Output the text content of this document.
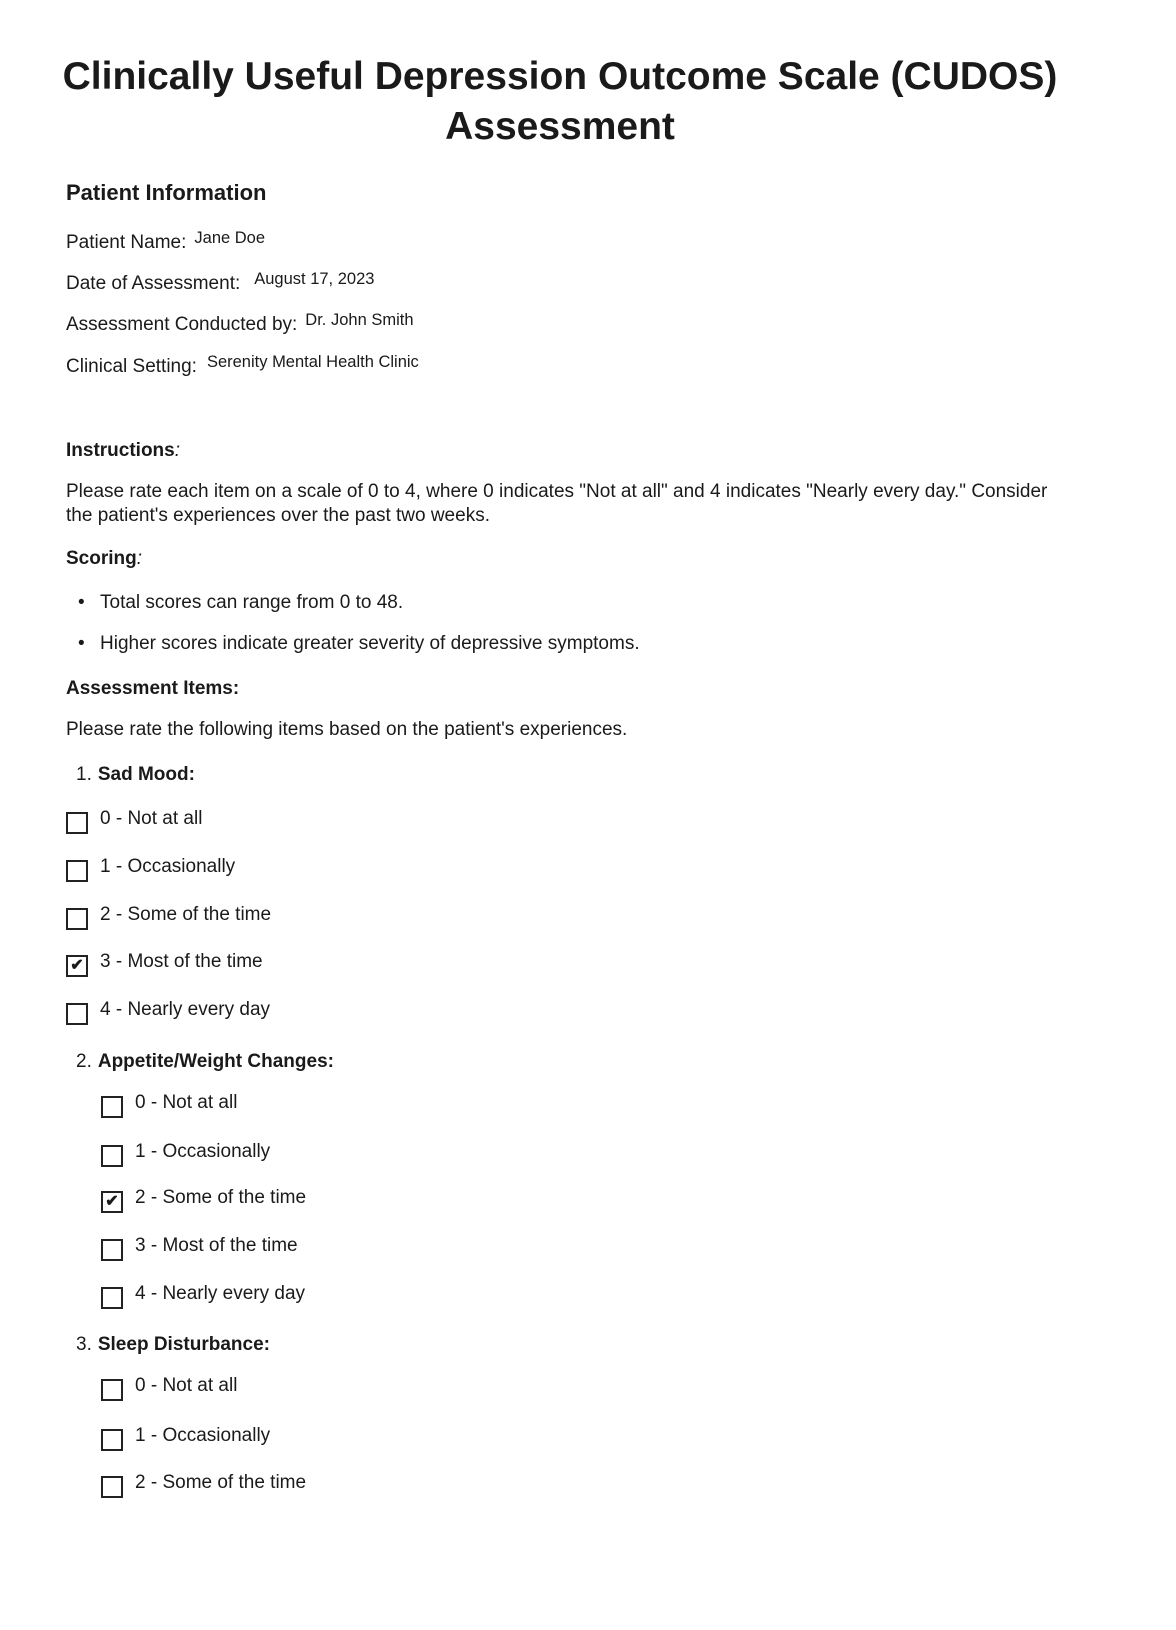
Clinically Useful Depression Outcome Scale (CUDOS) Assessment
Patient Information
Patient Name: Jane Doe
Date of Assessment: August 17, 2023
Assessment Conducted by: Dr. John Smith
Clinical Setting: Serenity Mental Health Clinic
Instructions:
Please rate each item on a scale of 0 to 4, where 0 indicates "Not at all" and 4 indicates "Nearly every day." Consider the patient's experiences over the past two weeks.
Scoring:
• Total scores can range from 0 to 48.
• Higher scores indicate greater severity of depressive symptoms.
Assessment Items:
Please rate the following items based on the patient's experiences.
1. Sad Mood:
0 - Not at all
1 - Occasionally
2 - Some of the time
✔ 3 - Most of the time
4 - Nearly every day
2. Appetite/Weight Changes:
0 - Not at all
1 - Occasionally
✔ 2 - Some of the time
3 - Most of the time
4 - Nearly every day
3. Sleep Disturbance:
0 - Not at all
1 - Occasionally
2 - Some of the time
